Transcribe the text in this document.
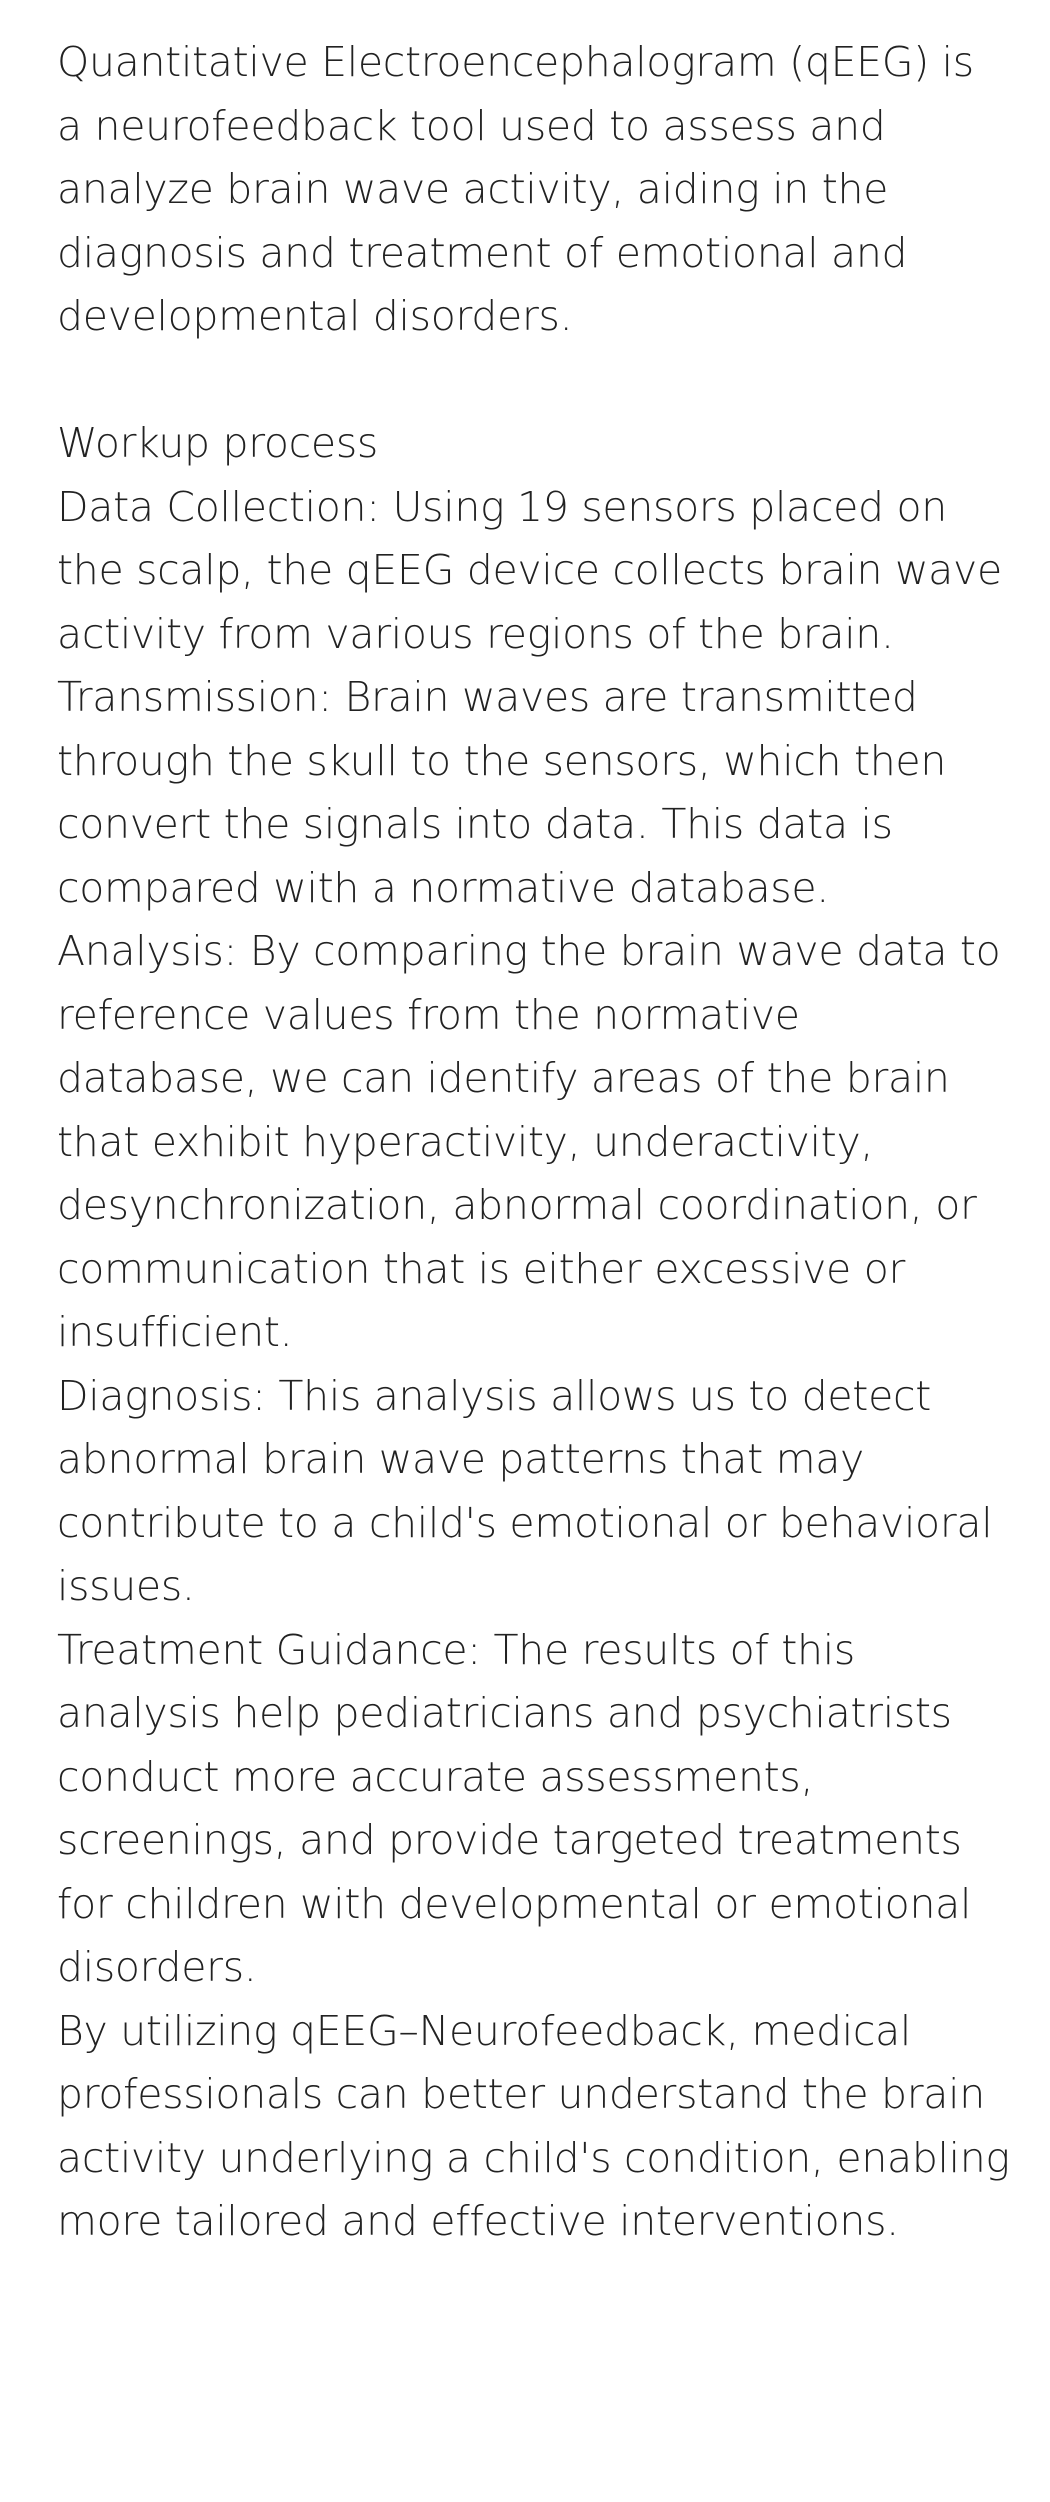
Quantitative Electroencephalogram (qEEG) is a neurofeedback tool used to assess and analyze brain wave activity, aiding in the diagnosis and treatment of emotional and developmental disorders.

Workup process

Data Collection: Using 19 sensors placed on the scalp, the qEEG device collects brain wave activity from various regions of the brain.

Transmission: Brain waves are transmitted through the skull to the sensors, which then convert the signals into data. This data is compared with a normative database.

Analysis: By comparing the brain wave data to reference values from the normative database, we can identify areas of the brain that exhibit hyperactivity, underactivity, desynchronization, abnormal coordination, or communication that is either excessive or insufficient.

Diagnosis: This analysis allows us to detect abnormal brain wave patterns that may contribute to a child's emotional or behavioral issues.

Treatment Guidance: The results of this analysis help pediatricians and psychiatrists conduct more accurate assessments, screenings, and provide targeted treatments for children with developmental or emotional disorders.

By utilizing qEEG–Neurofeedback, medical professionals can better understand the brain activity underlying a child's condition, enabling more tailored and effective interventions.
